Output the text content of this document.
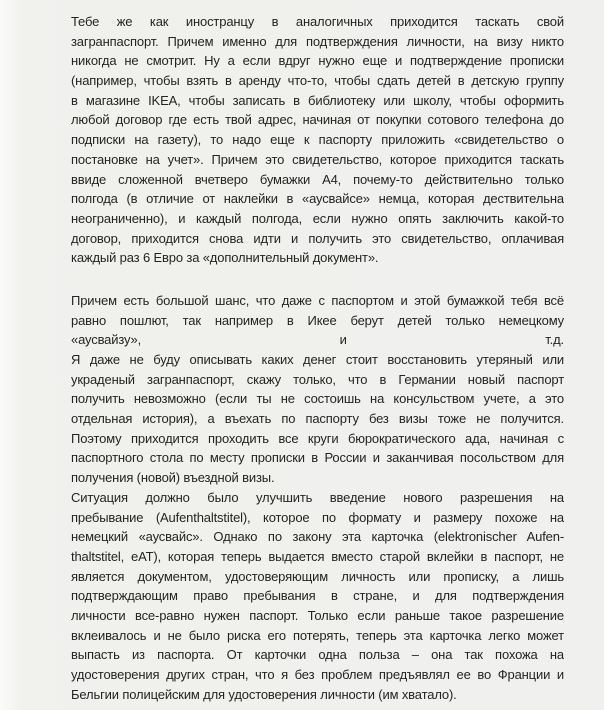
Тебе же как иностранцу в аналогичных приходится таскать свой
загранпаспорт. Причем именно для подтверждения личности, на визу никто
никогда не смотрит. Ну а если вдруг нужно еще и подтверждение прописки
(например, чтобы взять в аренду что-то, чтобы сдать детей в детскую группу
в магазине IKEA, чтобы записать в библиотеку или школу, чтобы оформить
любой договор где есть твой адрес, начиная от покупки сотового телефона до
подписки на газету), то надо еще к паспорту приложить «свидетельство о
постановке на учет». Причем это свидетельство, которое приходится таскать
ввиде сложенной вчетверо бумажки А4, почему-то действительно только
полгода (в отличие от наклейки в «аусвайсе» немца, которая дествительна
неограниченно), и каждый полгода, если нужно опять заключить какой-то
договор, приходится снова идти и получить это свидетельство, оплачивая
каждый раз 6 Евро за «дополнительный документ».
Причем есть большой шанс, что даже с паспортом и этой бумажкой тебя всё
равно пошлют, так например в Икее берут детей только немецкому
«аусвайзу», и т.д.
Я даже не буду описывать каких денег стоит восстановить утеряный или
украденый загранпаспорт, скажу только, что в Германии новый паспорт
получить невозможно (если ты не состоишь на консульством учете, а это
отдельная история), а въехать по паспорту без визы тоже не получится.
Поэтому приходится проходить все круги бюрократического ада, начиная с
паспортного стола по месту прописки в России и заканчивая посольством для
получения (новой) въездной визы.
Ситуация должно было улучшить введение нового разрешения на
пребывание (Aufenthaltstitel), которое по формату и размеру похоже на
немецкий «аусвайс». Однако по закону эта карточка (elektronischer Aufen-
thaltstitel, eAT), которая теперь выдается вместо старой вклейки в паспорт, не
является документом, удостоверяющим личность или прописку, а лишь
подтверждающим право пребывания в стране, и для подтверждения
личности все-равно нужен паспорт. Только если раньше такое разрешение
вклеивалось и не было риска его потерять, теперь эта карточка легко может
выпасть из паспорта. От карточки одна польза – она так похожа на
удостоверения других стран, что я без проблем предъявлял ее во Франции и
Бельгии полицейским для удостоверения личности (им хватало).
